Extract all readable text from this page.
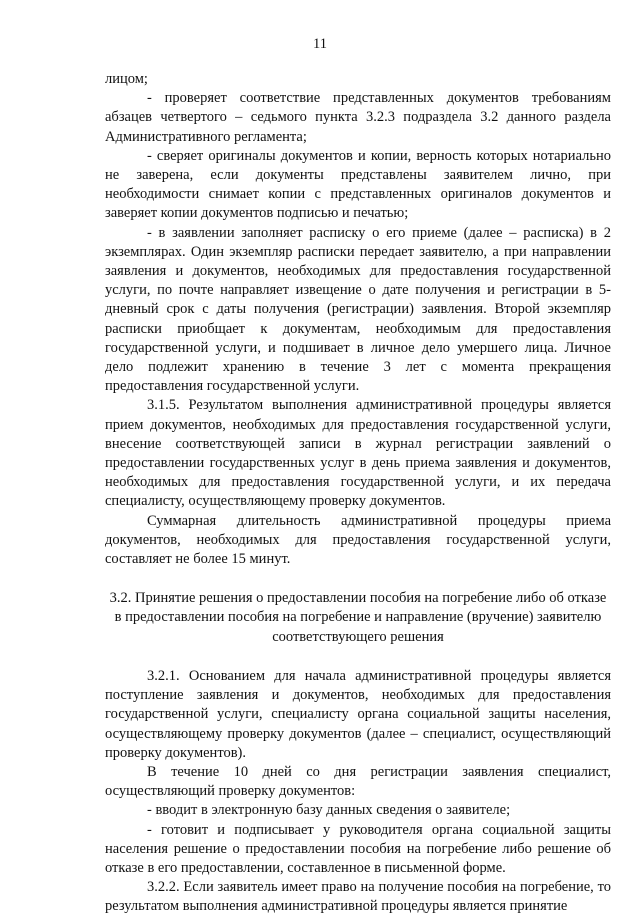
11

лицом;

- проверяет соответствие представленных документов требованиям абзацев четвертого – седьмого пункта 3.2.3 подраздела 3.2 данного раздела Административного регламента;

- сверяет оригиналы документов и копии, верность которых нотариально не заверена, если документы представлены заявителем лично, при необходимости снимает копии с представленных оригиналов документов и заверяет копии документов подписью и печатью;

- в заявлении заполняет расписку о его приеме (далее – расписка) в 2 экземплярах. Один экземпляр расписки передает заявителю, а при направлении заявления и документов, необходимых для предоставления государственной услуги, по почте направляет извещение о дате получения и регистрации в 5-дневный срок с даты получения (регистрации) заявления. Второй экземпляр расписки приобщает к документам, необходимым для предоставления государственной услуги, и подшивает в личное дело умершего лица. Личное дело подлежит хранению в течение 3 лет с момента прекращения предоставления государственной услуги.

3.1.5. Результатом выполнения административной процедуры является прием документов, необходимых для предоставления государственной услуги, внесение соответствующей записи в журнал регистрации заявлений о предоставлении государственных услуг в день приема заявления и документов, необходимых для предоставления государственной услуги, и их передача специалисту, осуществляющему проверку документов.

Суммарная длительность административной процедуры приема документов, необходимых для предоставления государственной услуги, составляет не более 15 минут.

3.2. Принятие решения о предоставлении пособия на погребение либо об отказе в предоставлении пособия на погребение и направление (вручение) заявителю соответствующего решения

3.2.1. Основанием для начала административной процедуры является поступление заявления и документов, необходимых для предоставления государственной услуги, специалисту органа социальной защиты населения, осуществляющему проверку документов (далее – специалист, осуществляющий проверку документов).

В течение 10 дней со дня регистрации заявления специалист, осуществляющий проверку документов:

- вводит в электронную базу данных сведения о заявителе;

- готовит и подписывает у руководителя органа социальной защиты населения решение о предоставлении пособия на погребение либо решение об отказе в его предоставлении, составленное в письменной форме.

3.2.2. Если заявитель имеет право на получение пособия на погребение, то результатом выполнения административной процедуры является принятие
